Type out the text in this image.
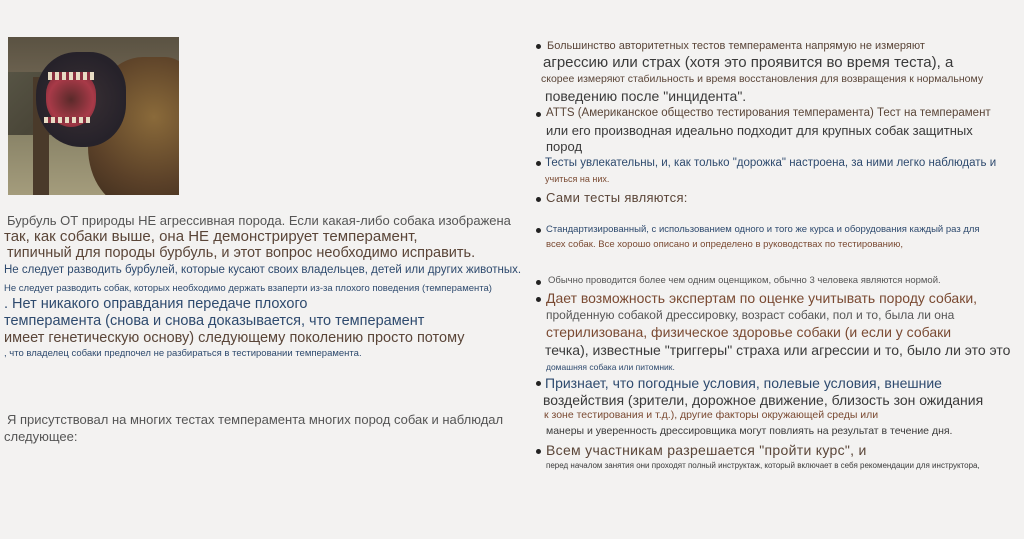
Бурбуль ОТ природы НЕ агрессивная порода. Если какая-либо собака изображена
так, как собаки выше, она НЕ демонстрирует темперамент,
типичный для породы бурбуль, и этот вопрос необходимо исправить.
Не следует разводить бурбулей, которые кусают своих владельцев, детей или других животных.
Не следует разводить собак, которых необходимо держать взаперти из-за плохого поведения (темперамента)
. Нет никакого оправдания передаче плохого
темперамента (снова и снова доказывается, что темперамент
имеет генетическую основу) следующему поколению просто потому
, что владелец собаки предпочел не разбираться в тестировании темперамента.
Я присутствовал на многих тестах темперамента многих пород собак и наблюдал
следующее:
Большинство авторитетных тестов темперамента напрямую не измеряют
агрессию или страх (хотя это проявится во время теста), а
скорее измеряют стабильность и время восстановления для возвращения к нормальному
поведению после "инцидента".
ATTS (Американское общество тестирования темперамента) Тест на темперамент
или его производная идеально подходит для крупных собак защитных
пород
Тесты увлекательны, и, как только "дорожка" настроена, за ними легко наблюдать и
учиться на них.
Сами тесты являются:
Стандартизированный, с использованием одного и того же курса и оборудования каждый раз для
всех собак. Все хорошо описано и определено в руководствах по тестированию,
Обычно проводится более чем одним оценщиком, обычно 3 человека являются нормой.
Дает возможность экспертам по оценке учитывать породу собаки,
пройденную собакой дрессировку, возраст собаки, пол и то, была ли она
стерилизована, физическое здоровье собаки (и если у собаки
течка), известные "триггеры" страха или агрессии и то, было ли это это
домашняя собака или питомник.
Признает, что погодные условия, полевые условия, внешние
воздействия (зрители, дорожное движение, близость зон ожидания
к зоне тестирования и т.д.), другие факторы окружающей среды или
манеры и уверенность дрессировщика могут повлиять на результат в течение дня.
Всем участникам разрешается "пройти курс", и
перед началом занятия они проходят полный инструктаж, который включает в себя рекомендации для инструктора,
